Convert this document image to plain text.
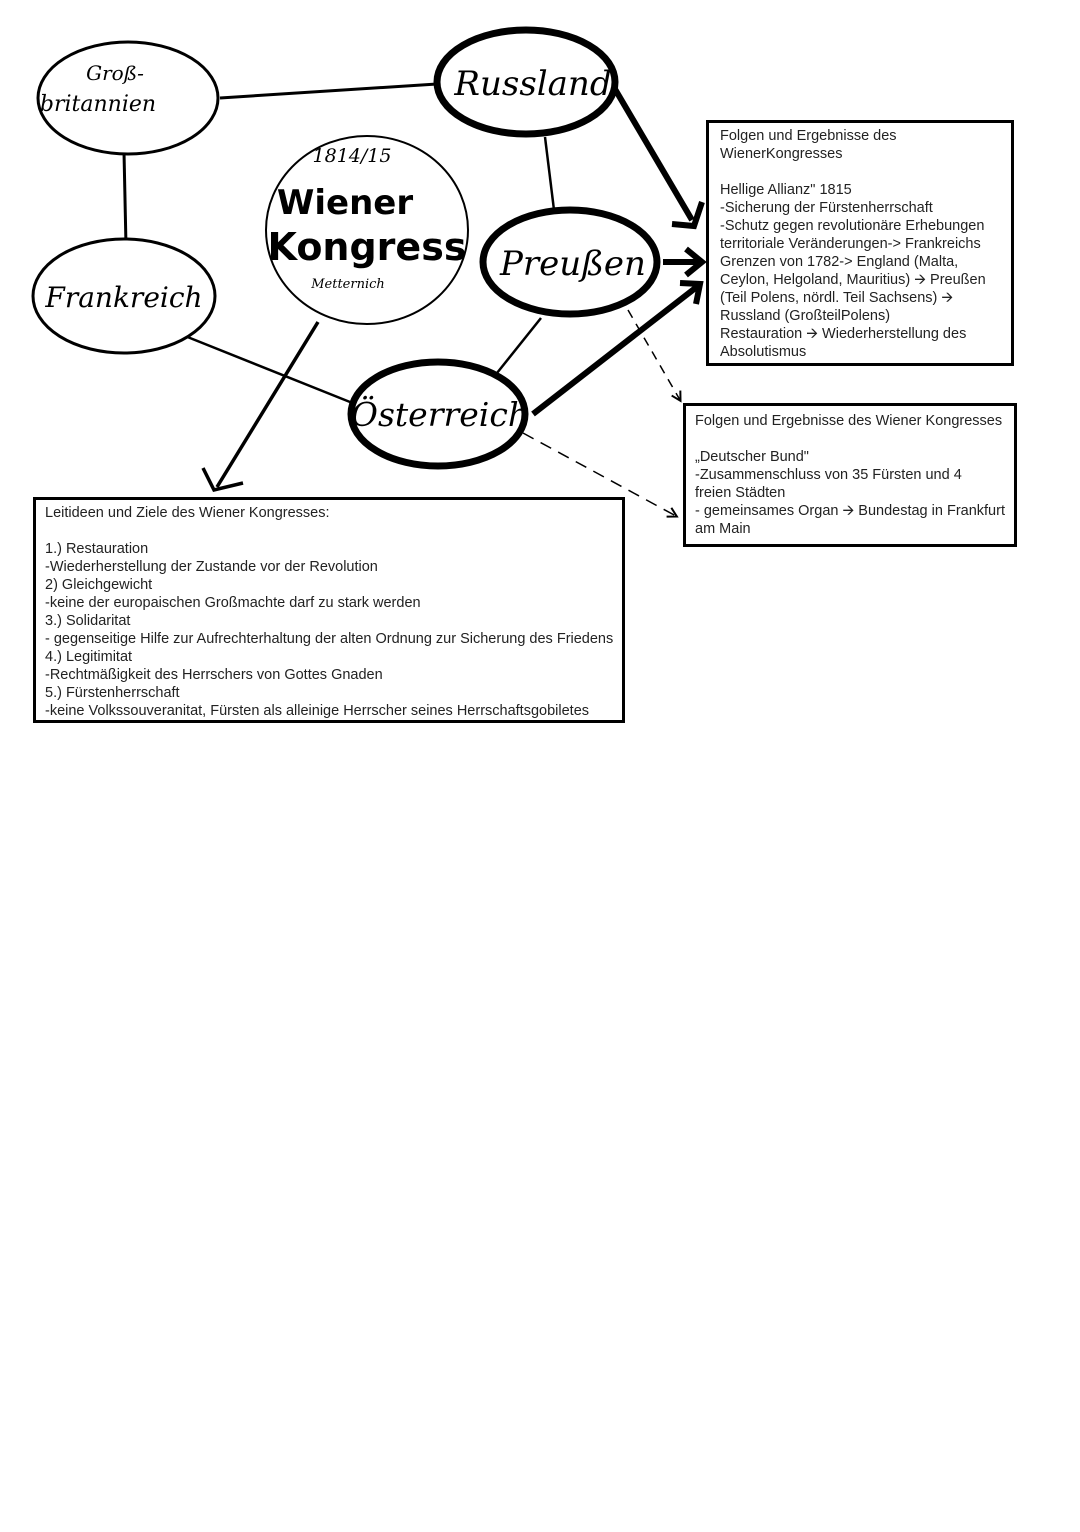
Groß-
britannien
Russland
1814/15
Wiener
Kongress
Metternich
Preußen
Frankreich
Österreich
Folgen und Ergebnisse des
WienerKongresses
Hellige Allianz" 1815
-Sicherung der Fürstenherrschaft
-Schutz gegen revolutionäre Erhebungen
territoriale Veränderungen-> Frankreichs
Grenzen von 1782-> England (Malta,
Ceylon, Helgoland, Mauritius) 🡪 Preußen
(Teil Polens, nördl. Teil Sachsens) 🡪
Russland (GroßteilPolens)
Restauration 🡪 Wiederherstellung des
Absolutismus
Folgen und Ergebnisse des Wiener Kongresses
„Deutscher Bund"
-Zusammenschluss von 35 Fürsten und 4
freien Städten
- gemeinsames Organ 🡪 Bundestag in Frankfurt
am Main
Leitideen und Ziele des Wiener Kongresses:
1.) Restauration
-Wiederherstellung der Zustande vor der Revolution
2) Gleichgewicht
-keine der europaischen Großmachte darf zu stark werden
3.) Solidaritat
- gegenseitige Hilfe zur Aufrechterhaltung der alten Ordnung zur Sicherung des Friedens
4.) Legitimitat
-Rechtmäßigkeit des Herrschers von Gottes Gnaden
5.) Fürstenherrschaft
-keine Volkssouveranitat, Fürsten als alleinige Herrscher seines Herrschaftsgobiletes
